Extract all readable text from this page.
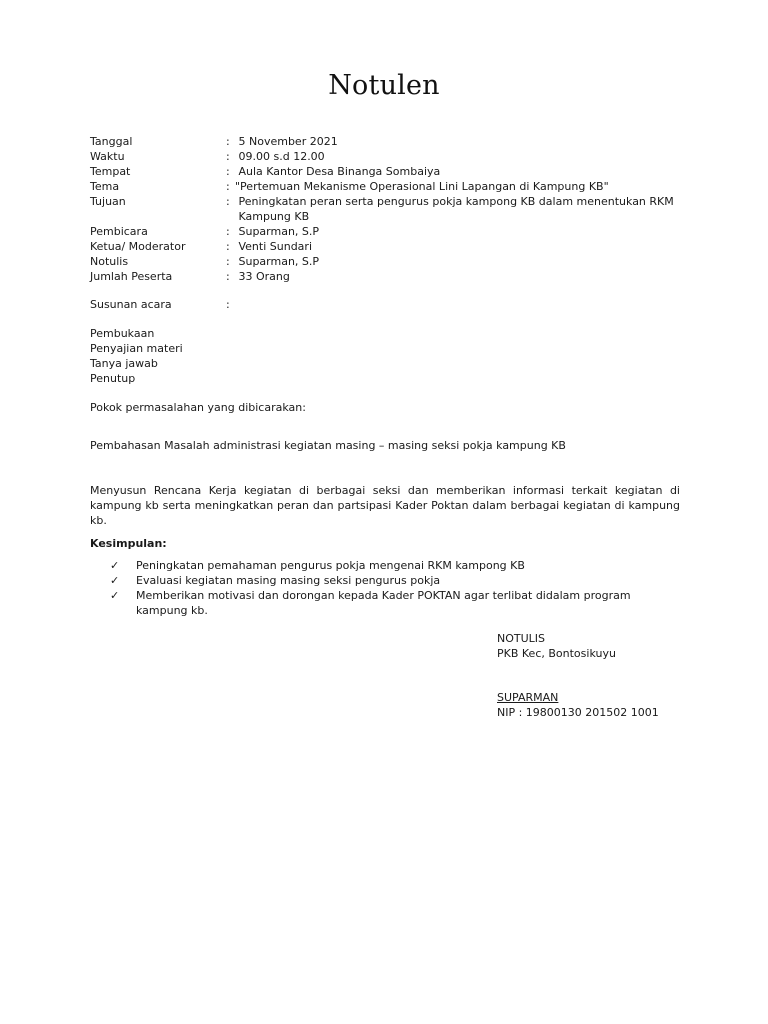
Notulen
Tanggal	: 5 November 2021
Waktu	: 09.00 s.d 12.00
Tempat	: Aula Kantor Desa Binanga Sombaiya
Tema	: "Pertemuan Mekanisme Operasional Lini Lapangan di Kampung KB"
Tujuan	: Peningkatan peran serta pengurus pokja kampong KB dalam menentukan RKM
Kampung KB
Pembicara	: Suparman, S.P
Ketua/ Moderator	: Venti Sundari
Notulis	: Suparman, S.P
Jumlah Peserta	: 33 Orang
Susunan acara	:
Pembukaan
Penyajian materi
Tanya jawab
Penutup
Pokok permasalahan yang dibicarakan:
Pembahasan Masalah administrasi kegiatan masing – masing seksi pokja kampung KB
Menyusun Rencana Kerja kegiatan di berbagai seksi dan memberikan informasi terkait kegiatan di kampung kb serta meningkatkan peran dan partsipasi Kader Poktan dalam berbagai kegiatan di kampung kb.
Kesimpulan:
✓	Peningkatan pemahaman pengurus pokja mengenai RKM kampong KB
✓	Evaluasi kegiatan masing masing seksi pengurus pokja
✓	Memberikan motivasi dan dorongan kepada Kader POKTAN agar terlibat didalam program kampung kb.
NOTULIS
PKB Kec, Bontosikuyu
SUPARMAN
NIP : 19800130 201502 1001
